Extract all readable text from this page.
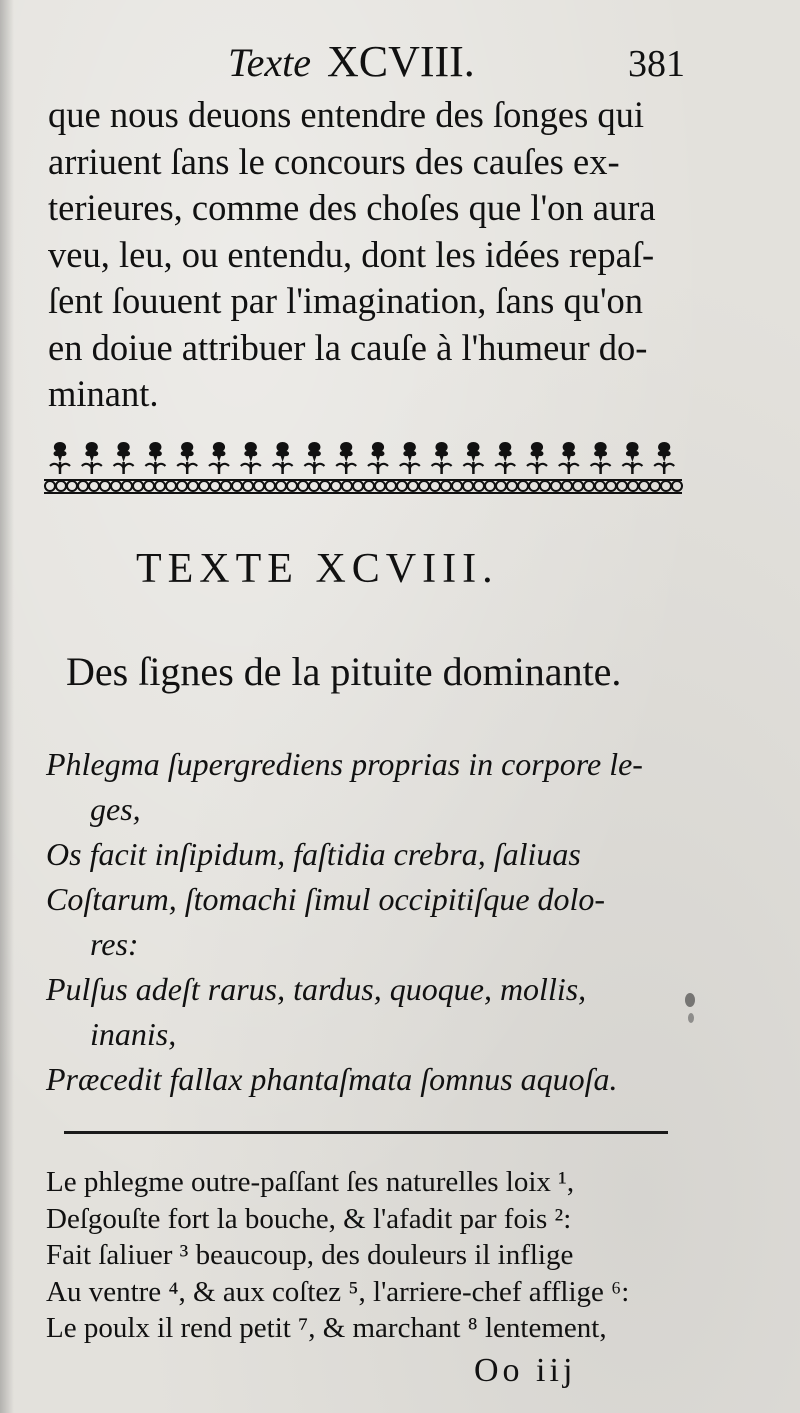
Texte XCVIII.	381
que nous deuons entendre des ſonges qui
arriuent ſans le concours des cauſes ex-
terieures, comme des choſes que l'on aura
veu, leu, ou entendu, dont les idées repaſ-
ſent ſouuent par l'imagination, ſans qu'on
en doiue attribuer la cauſe à l'humeur do-
minant.
TEXTE XCVIII.
Des ſignes de la pituite dominante.
Phlegma ſupergrediens proprias in corpore le-
ges,
Os facit inſipidum, faſtidia crebra, ſaliuas
Coſtarum, ſtomachi ſimul occipitiſque dolo-
res:
Pulſus adeſt rarus, tardus, quoque, mollis,
inanis,
Præcedit fallax phantaſmata ſomnus aquoſa.
Le phlegme outre-paſſant ſes naturelles loix ¹,
Deſgouſte fort la bouche, & l'afadit par fois ²:
Fait ſaliuer ³ beaucoup, des douleurs il inflige
Au ventre ⁴, & aux coſtez ⁵, l'arriere-chef afflige ⁶:
Le poulx il rend petit ⁷, & marchant ⁸ lentement,
Oo iij
